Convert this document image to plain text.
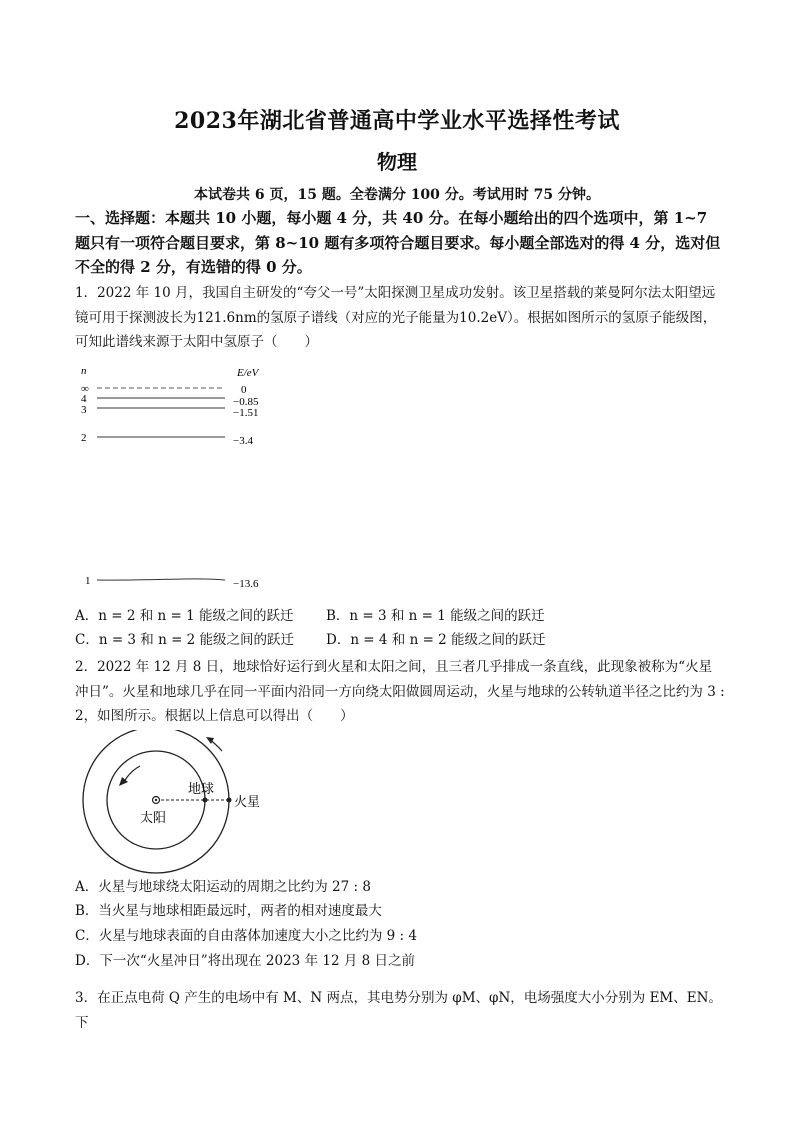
2023年湖北省普通高中学业水平选择性考试
物理
本试卷共 6 页，15 题。全卷满分 100 分。考试用时 75 分钟。
一、选择题：本题共 10 小题，每小题 4 分，共 40 分。在每小题给出的四个选项中，第 1~7 题只有一项符合题目要求，第 8~10 题有多项符合题目要求。每小题全部选对的得 4 分，选对但不全的得 2 分，有选错的得 0 分。
1．2022 年 10 月，我国自主研发的“夸父一号”太阳探测卫星成功发射。该卫星搭载的莱曼阿尔法太阳望远镜可用于探测波长为121.6nm的氢原子谱线（对应的光子能量为10.2eV）。根据如图所示的氢原子能级图，可知此谱线来源于太阳中氢原子（　　）
n	E/eV
∞
4
3
2
1
0
−0.85
−1.51
−3.4
−13.6
A．n = 2 和 n = 1 能级之间的跃迁 B．n = 3 和 n = 1 能级之间的跃迁
C．n = 3 和 n = 2 能级之间的跃迁 D．n = 4 和 n = 2 能级之间的跃迁
2．2022 年 12 月 8 日，地球恰好运行到火星和太阳之间，且三者几乎排成一条直线，此现象被称为“火星冲日”。火星和地球几乎在同一平面内沿同一方向绕太阳做圆周运动，火星与地球的公转轨道半径之比约为 3 : 2，如图所示。根据以上信息可以得出（　　）
太阳
地球
火星
A．火星与地球绕太阳运动的周期之比约为 27 : 8
B．当火星与地球相距最远时，两者的相对速度最大
C．火星与地球表面的自由落体加速度大小之比约为 9 : 4
D．下一次“火星冲日”将出现在 2023 年 12 月 8 日之前
3．在正点电荷 Q 产生的电场中有 M、N 两点，其电势分别为 φM、φN，电场强度大小分别为 EM、EN。下
